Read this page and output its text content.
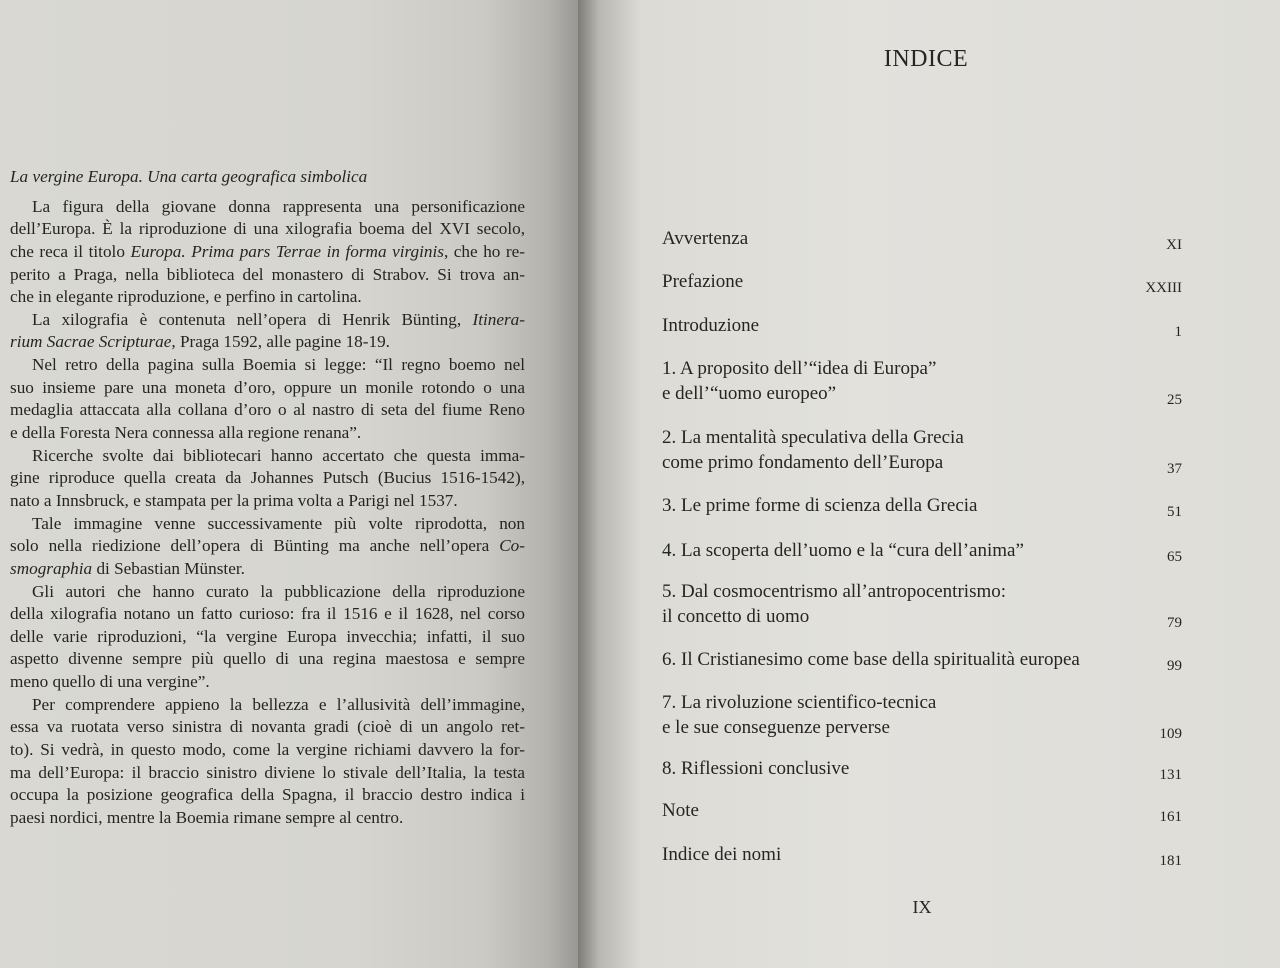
La vergine Europa. Una carta geografica simbolica
La figura della giovane donna rappresenta una personificazione
dell’Europa. È la riproduzione di una xilografia boema del XVI secolo,
che reca il titolo Europa. Prima pars Terrae in forma virginis, che ho re-
perito a Praga, nella biblioteca del monastero di Strabov. Si trova an-
che in elegante riproduzione, e perfino in cartolina.
La xilografia è contenuta nell’opera di Henrik Bünting, Itinera-
rium Sacrae Scripturae, Praga 1592, alle pagine 18-19.
Nel retro della pagina sulla Boemia si legge: “Il regno boemo nel
suo insieme pare una moneta d’oro, oppure un monile rotondo o una
medaglia attaccata alla collana d’oro o al nastro di seta del fiume Reno
e della Foresta Nera connessa alla regione renana”.
Ricerche svolte dai bibliotecari hanno accertato che questa imma-
gine riproduce quella creata da Johannes Putsch (Bucius 1516-1542),
nato a Innsbruck, e stampata per la prima volta a Parigi nel 1537.
Tale immagine venne successivamente più volte riprodotta, non
solo nella riedizione dell’opera di Bünting ma anche nell’opera Co-
smographia di Sebastian Münster.
Gli autori che hanno curato la pubblicazione della riproduzione
della xilografia notano un fatto curioso: fra il 1516 e il 1628, nel corso
delle varie riproduzioni, “la vergine Europa invecchia; infatti, il suo
aspetto divenne sempre più quello di una regina maestosa e sempre
meno quello di una vergine”.
Per comprendere appieno la bellezza e l’allusività dell’immagine,
essa va ruotata verso sinistra di novanta gradi (cioè di un angolo ret-
to). Si vedrà, in questo modo, come la vergine richiami davvero la for-
ma dell’Europa: il braccio sinistro diviene lo stivale dell’Italia, la testa
occupa la posizione geografica della Spagna, il braccio destro indica i
paesi nordici, mentre la Boemia rimane sempre al centro.
INDICE
Avvertenza	XI
Prefazione	XXIII
Introduzione	1
1. A proposito dell’“idea di Europa”
e dell’“uomo europeo”	25
2. La mentalità speculativa della Grecia
come primo fondamento dell’Europa	37
3. Le prime forme di scienza della Grecia	51
4. La scoperta dell’uomo e la “cura dell’anima”	65
5. Dal cosmocentrismo all’antropocentrismo:
il concetto di uomo	79
6. Il Cristianesimo come base della spiritualità europea	99
7. La rivoluzione scientifico-tecnica
e le sue conseguenze perverse	109
8. Riflessioni conclusive	131
Note	161
Indice dei nomi	181
IX
